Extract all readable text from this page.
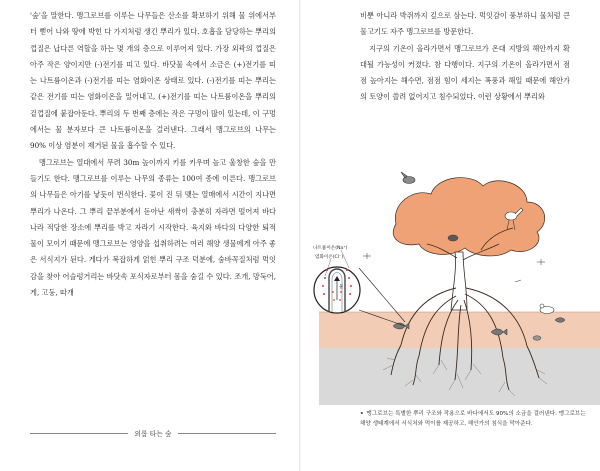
'숲'을 말한다. 맹그로브를 이루는 나무들은 산소를 확보하기 위해 물 위에서부터 뻗어 나와 땅에 박힌 다 가지처럼 생긴 뿌리가 있다. 호흡을 담당하는 뿌리의 껍질은 납다른 역할을 하는 몇 개의 층으로 이루어져 있다. 가장 외곽의 껍질은 아주 작은 양이지만 (-)전기를 띠고 있다. 바닷물 속에서 소금은 (+)전기를 띠는 나트륨이온과 (-)전기를 띠는 염화이온 상태로 있다. (-)전기를 띠는 뿌리는 같은 전기를 띠는 염화이온을 밀어내고, (+)전기를 띠는 나트륨이온을 뿌리의 겉껍질에 붙잡아둔다. 뿌리의 두 번째 층에는 작은 구멍이 많이 있는데, 이 구멍에서는 물 분자보다 큰 나트륨이온을 걸러낸다. 그래서 맹그로브의 나무는 90% 이상 염분이 제거된 물을 흡수할 수 있다.

맹그로브는 열대에서 무려 30m 높이까지 키를 키우며 높고 울창한 숲을 만들기도 한다. 맹그로브를 이루는 나무의 종류는 100여 종에 이른다. 맹그로브의 나무들은 아기를 낳듯이 번식한다. 꽃이 진 뒤 맺는 열매에서 시간이 지나면 뿌리가 나온다. 그 뿌리 끝부분에서 돋아난 새싹이 충분히 자라면 떨어져 바다나라 적당한 장소에 뿌리를 박고 자라기 시작한다. 육지와 바다의 다양한 퇴적물이 모이기 때문에 맹그로브는 영양을 섭취하려는 여러 해양 생물에게 아주 좋은 서식지가 된다. 게다가 복잡하게 얽힌 뿌리 구조 덕분에, 숨바꼭질처럼 먹잇감을 찾아 어슬렁거리는 바닷속 포식자로부터 몸을 숨길 수 있다. 조개, 망둑어, 게, 고둥, 따개

외롭 타는 숲

비뿐 아니라 박쥐까지 깊으로 삼는다. 먹잇감이 풍부하니 물처럼 큰 물고기도 자주 맹그로브를 방문한다.

지구의 기온이 올라가면서 맹그로브가 온대 지방의 해안까지 확대될 가능성이 커졌다. 참 다행이다. 지구의 기온이 올라가면서 점점 높아지는 해수면, 점점 힘이 세지는 폭풍과 해일 때문에 해안가의 토양이 쓸려 없어지고 침수되었다. 이런 상황에서 뿌리와

물
나트륨이온(Na⁺)
염화이온(Cl⁻)
• 맹그로브는 특별한 뿌리 구조와 작용으로 바다에서도 90%의 소금을 걸러낸다. 맹그로브는 해양 생태계에서 서식처와 먹이를 제공하고, 해안가의 침식을 막아준다.
